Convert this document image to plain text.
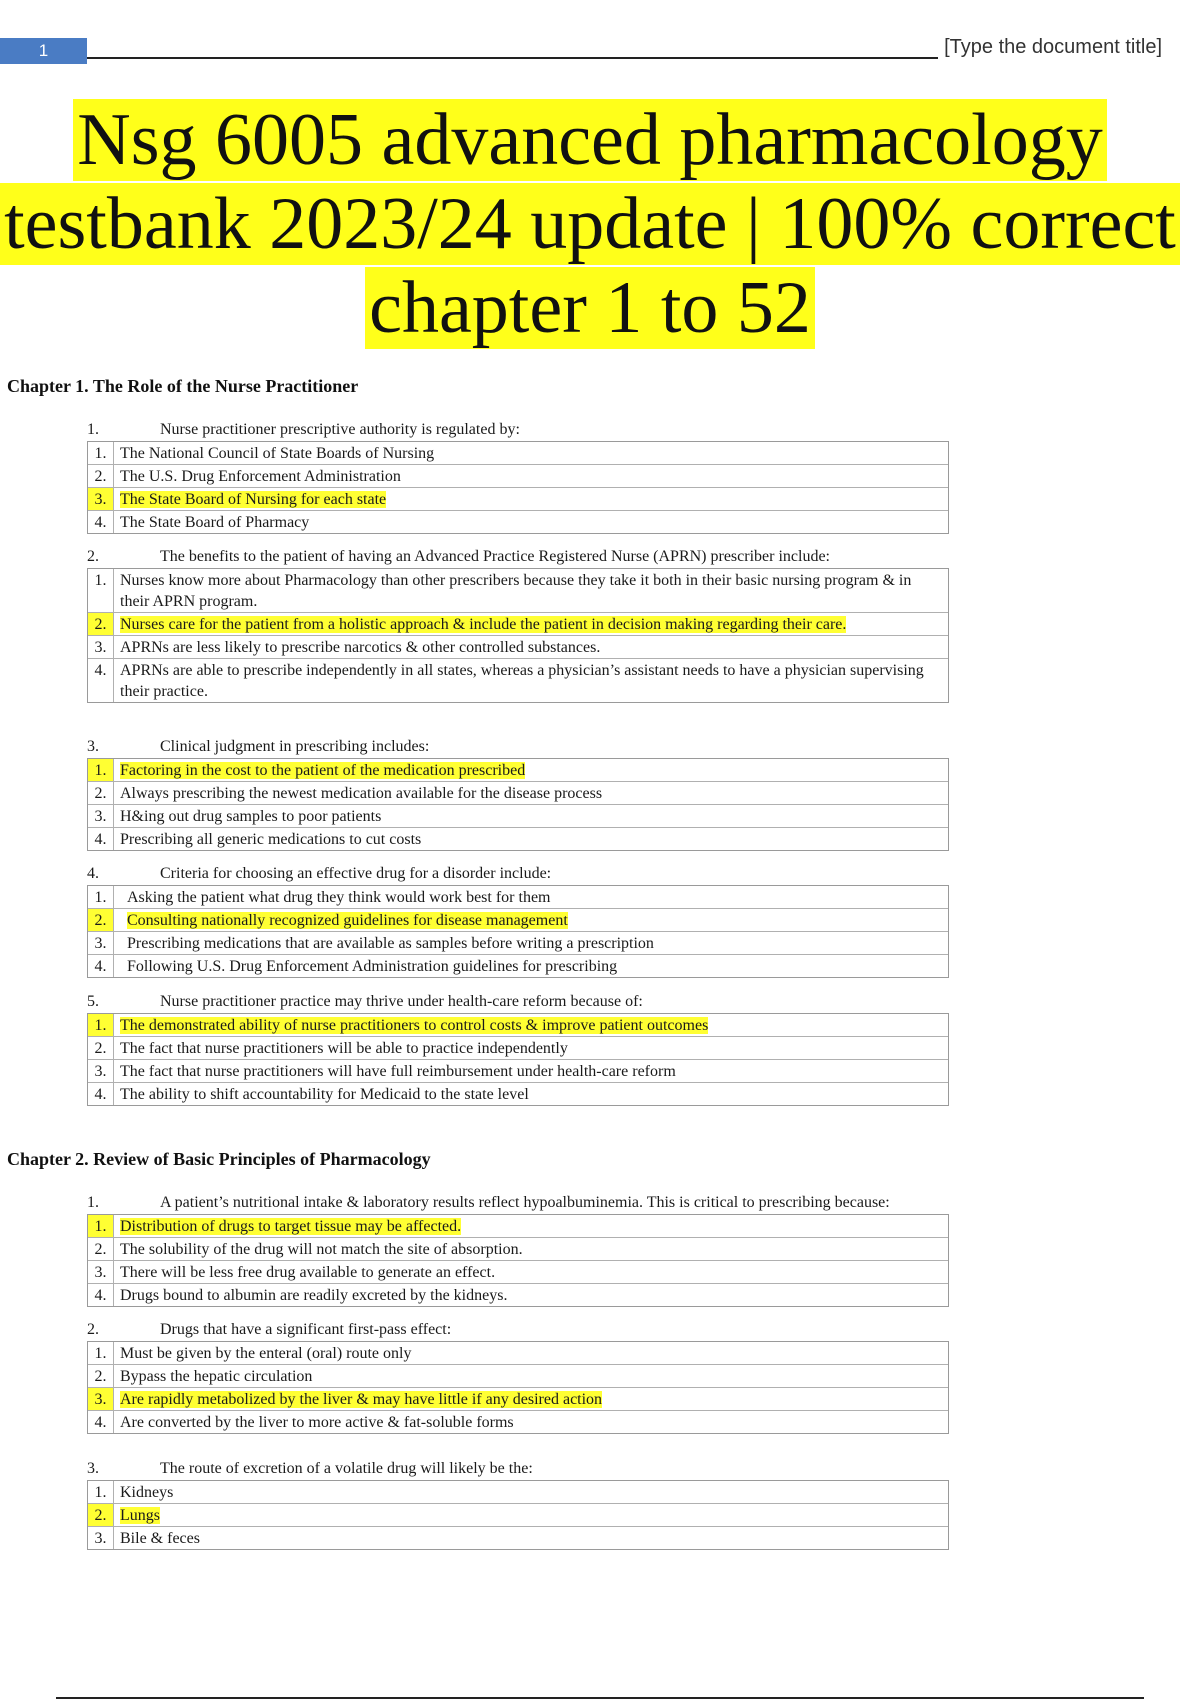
1	[Type the document title]
Nsg 6005 advanced pharmacology
testbank 2023/24 update | 100% correct
chapter 1 to 52
Chapter 1. The Role of the Nurse Practitioner
1.	Nurse practitioner prescriptive authority is regulated by:
1. The National Council of State Boards of Nursing
2. The U.S. Drug Enforcement Administration
3. The State Board of Nursing for each state
4. The State Board of Pharmacy
2.	The benefits to the patient of having an Advanced Practice Registered Nurse (APRN) prescriber include:
1. Nurses know more about Pharmacology than other prescribers because they take it both in their basic nursing program & in their APRN program.
2. Nurses care for the patient from a holistic approach & include the patient in decision making regarding their care.
3. APRNs are less likely to prescribe narcotics & other controlled substances.
4. APRNs are able to prescribe independently in all states, whereas a physician’s assistant needs to have a physician supervising their practice.
3.	Clinical judgment in prescribing includes:
1. Factoring in the cost to the patient of the medication prescribed
2. Always prescribing the newest medication available for the disease process
3. H&ing out drug samples to poor patients
4. Prescribing all generic medications to cut costs
4.	Criteria for choosing an effective drug for a disorder include:
1.	Asking the patient what drug they think would work best for them
2.	Consulting nationally recognized guidelines for disease management
3.	Prescribing medications that are available as samples before writing a prescription
4.	Following U.S. Drug Enforcement Administration guidelines for prescribing
5.	Nurse practitioner practice may thrive under health-care reform because of:
1. The demonstrated ability of nurse practitioners to control costs & improve patient outcomes
2. The fact that nurse practitioners will be able to practice independently
3. The fact that nurse practitioners will have full reimbursement under health-care reform
4. The ability to shift accountability for Medicaid to the state level
Chapter 2. Review of Basic Principles of Pharmacology
1.	A patient’s nutritional intake & laboratory results reflect hypoalbuminemia. This is critical to prescribing because:
1. Distribution of drugs to target tissue may be affected.
2. The solubility of the drug will not match the site of absorption.
3. There will be less free drug available to generate an effect.
4. Drugs bound to albumin are readily excreted by the kidneys.
2.	Drugs that have a significant first-pass effect:
1. Must be given by the enteral (oral) route only
2. Bypass the hepatic circulation
3. Are rapidly metabolized by the liver & may have little if any desired action
4. Are converted by the liver to more active & fat-soluble forms
3.	The route of excretion of a volatile drug will likely be the:
1. Kidneys
2. Lungs
3. Bile & feces
